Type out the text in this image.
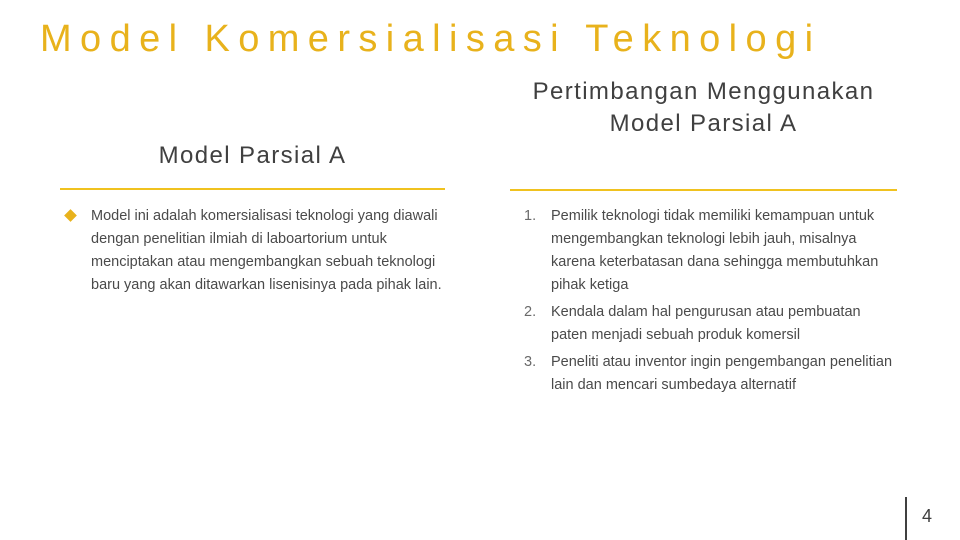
Model Komersialisasi Teknologi
Model Parsial A
Model ini adalah komersialisasi teknologi yang diawali dengan penelitian ilmiah di laboartorium untuk menciptakan atau mengembangkan sebuah teknologi baru yang akan ditawarkan lisenisinya pada pihak lain.
Pertimbangan Menggunakan Model Parsial A
1. Pemilik teknologi tidak memiliki kemampuan untuk mengembangkan teknologi lebih jauh, misalnya karena keterbatasan dana sehingga membutuhkan pihak ketiga
2. Kendala dalam hal pengurusan atau pembuatan paten menjadi sebuah produk komersil
3. Peneliti atau inventor ingin pengembangan penelitian lain dan mencari sumbedaya alternatif
4
